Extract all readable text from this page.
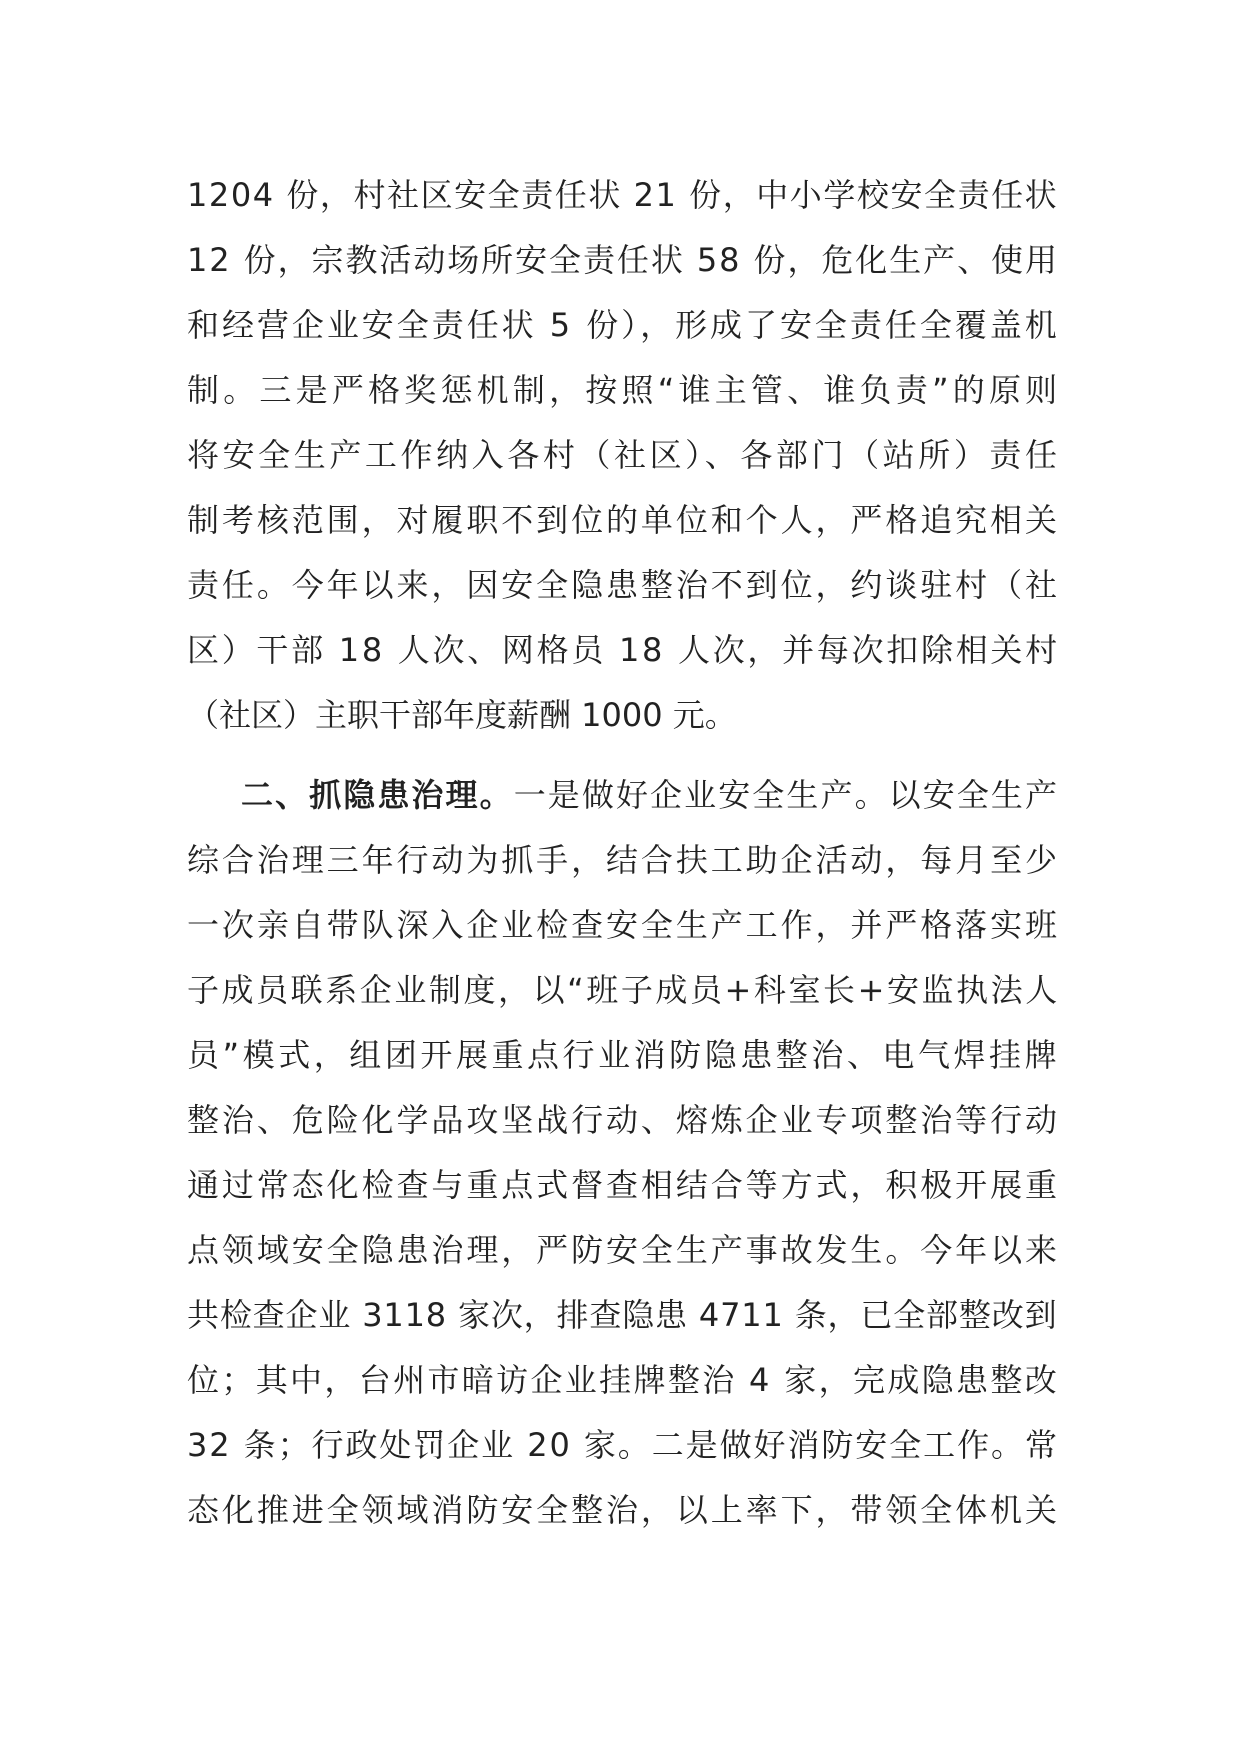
1204 份，村社区安全责任状 21 份，中小学校安全责任状
12 份，宗教活动场所安全责任状 58 份，危化生产、使用
和经营企业安全责任状 5 份），形成了安全责任全覆盖机
制。三是严格奖惩机制，按照“谁主管、谁负责”的原则
将安全生产工作纳入各村（社区）、各部门（站所）责任
制考核范围，对履职不到位的单位和个人，严格追究相关
责任。今年以来，因安全隐患整治不到位，约谈驻村（社
区）干部 18 人次、网格员 18 人次，并每次扣除相关村
（社区）主职干部年度薪酬 1000 元。
二、抓隐患治理。一是做好企业安全生产。以安全生产
综合治理三年行动为抓手，结合扶工助企活动，每月至少
一次亲自带队深入企业检查安全生产工作，并严格落实班
子成员联系企业制度，以“班子成员+科室长+安监执法人
员”模式，组团开展重点行业消防隐患整治、电气焊挂牌
整治、危险化学品攻坚战行动、熔炼企业专项整治等行动
通过常态化检查与重点式督查相结合等方式，积极开展重
点领域安全隐患治理，严防安全生产事故发生。今年以来
共检查企业 3118 家次，排查隐患 4711 条，已全部整改到
位；其中，台州市暗访企业挂牌整治 4 家，完成隐患整改
32 条；行政处罚企业 20 家。二是做好消防安全工作。常
态化推进全领域消防安全整治，以上率下，带领全体机关
